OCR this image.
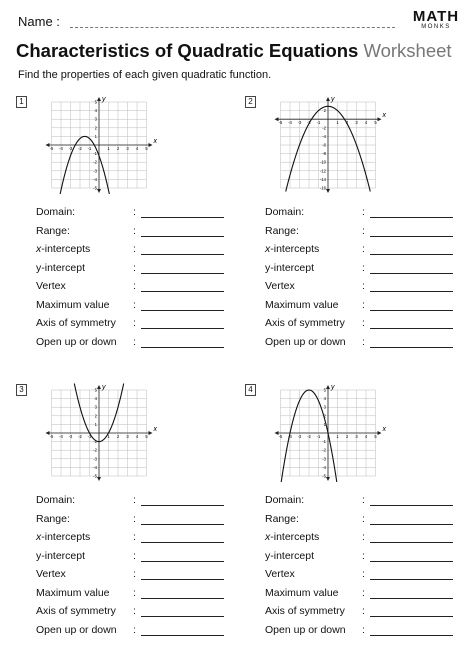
Name :	MATH
MONKS
Characteristics of Quadratic Equations Worksheet
Find the properties of each given quadratic function.
1
x
y
-5 -4 -3 -2 -1	1 2 3 4 5
5
4
3
2
1
-1
-2
-3
-4
-5
Domain:	:
Range:	:
x-intercepts	:
y-intercept	:
Vertex	:
Maximum value :
Axis of symmetry :
Open up or down :
2
x
y
-5 -4 -3 -2 -1	1 2 3 4 5
2
-2
-4
-6
-8
-10
-12
-14
-16
Domain:	:
Range:	:
x-intercepts	:
y-intercept	:
Vertex	:
Maximum value :
Axis of symmetry :
Open up or down :
3
x
y
-5 -4 -3 -2 -1	1 2 3 4 5
5
4
3
2
1
-1
-2
-3
-4
-5
Domain:	:
Range:	:
x-intercepts	:
y-intercept	:
Vertex	:
Maximum value :
Axis of symmetry :
Open up or down :
4
x
y
-5 -4 -3 -2 -1	1 2 3 4 5
5
4
3
2
1
-1
-2
-3
-4
-5
Domain:	:
Range:	:
x-intercepts	:
y-intercept	:
Vertex	:
Maximum value :
Axis of symmetry :
Open up or down :
